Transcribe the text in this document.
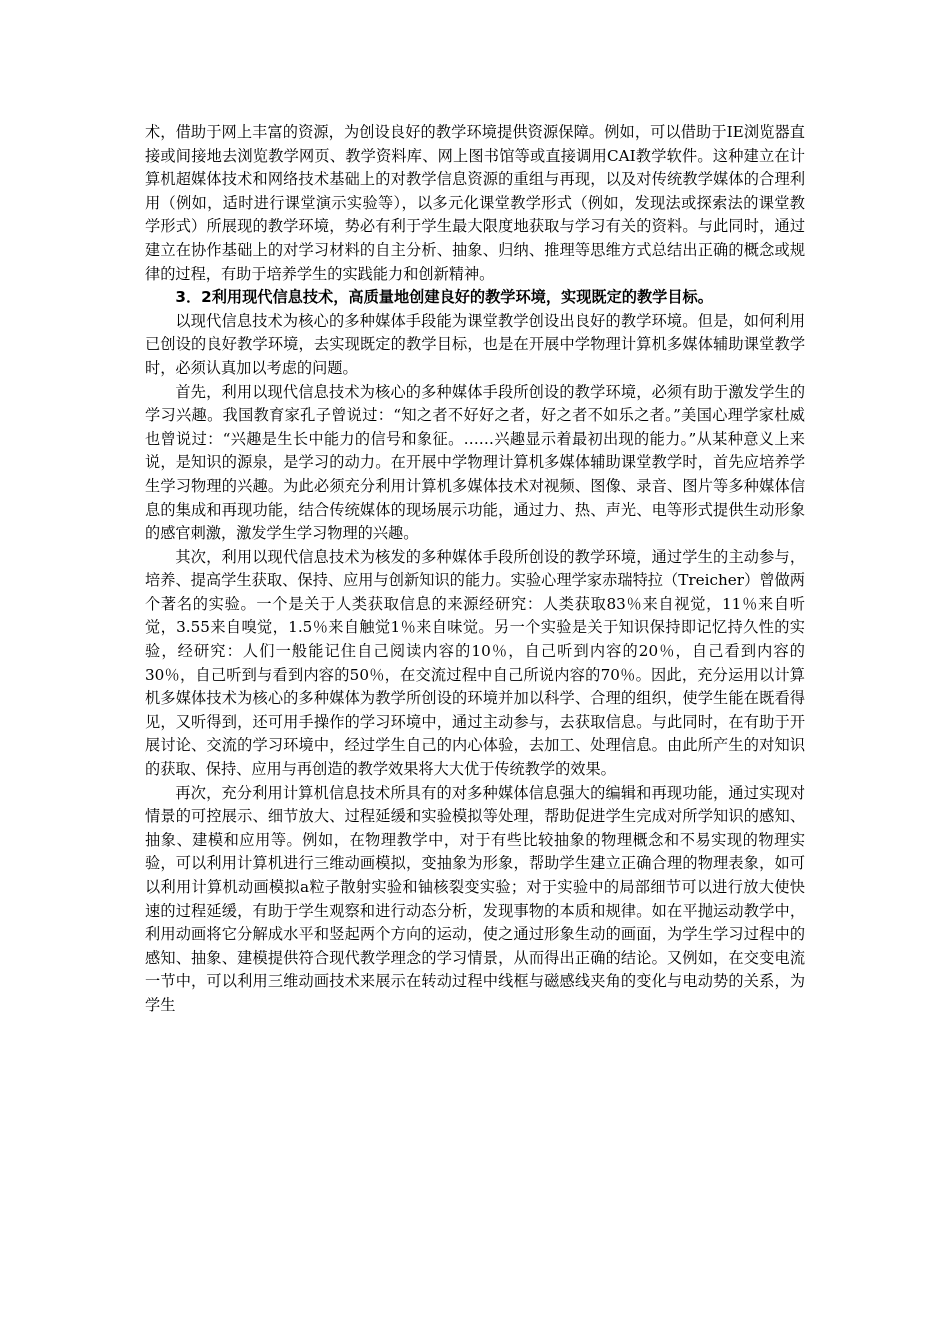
术，借助于网上丰富的资源，为创设良好的教学环境提供资源保障。例如，可以借助于IE浏览器直接或间接地去浏览教学网页、教学资料库、网上图书馆等或直接调用CAI教学软件。这种建立在计算机超媒体技术和网络技术基础上的对教学信息资源的重组与再现，以及对传统教学媒体的合理利用（例如，适时进行课堂演示实验等），以多元化课堂教学形式（例如，发现法或探索法的课堂教学形式）所展现的教学环境，势必有利于学生最大限度地获取与学习有关的资料。与此同时，通过建立在协作基础上的对学习材料的自主分析、抽象、归纳、推理等思维方式总结出正确的概念或规律的过程，有助于培养学生的实践能力和创新精神。

3．2利用现代信息技术，高质量地创建良好的教学环境，实现既定的教学目标。

以现代信息技术为核心的多种媒体手段能为课堂教学创设出良好的教学环境。但是，如何利用已创设的良好教学环境，去实现既定的教学目标，也是在开展中学物理计算机多媒体辅助课堂教学时，必须认真加以考虑的问题。

首先，利用以现代信息技术为核心的多种媒体手段所创设的教学环境，必须有助于激发学生的学习兴趣。我国教育家孔子曾说过：“知之者不好好之者，好之者不如乐之者。”美国心理学家杜威也曾说过：“兴趣是生长中能力的信号和象征。……兴趣显示着最初出现的能力。”从某种意义上来说，是知识的源泉，是学习的动力。在开展中学物理计算机多媒体辅助课堂教学时，首先应培养学生学习物理的兴趣。为此必须充分利用计算机多媒体技术对视频、图像、录音、图片等多种媒体信息的集成和再现功能，结合传统媒体的现场展示功能，通过力、热、声光、电等形式提供生动形象的感官刺激，激发学生学习物理的兴趣。

其次，利用以现代信息技术为核发的多种媒体手段所创设的教学环境，通过学生的主动参与，培养、提高学生获取、保持、应用与创新知识的能力。实验心理学家赤瑞特拉（Treicher）曾做两个著名的实验。一个是关于人类获取信息的来源经研究：人类获取83％来自视觉，11％来自听觉，3.55来自嗅觉，1.5％来自触觉1％来自味觉。另一个实验是关于知识保持即记忆持久性的实验，经研究：人们一般能记住自己阅读内容的10％，自己听到内容的20％，自己看到内容的30％，自己听到与看到内容的50％，在交流过程中自己所说内容的70％。因此，充分运用以计算机多媒体技术为核心的多种媒体为教学所创设的环境并加以科学、合理的组织，使学生能在既看得见，又听得到，还可用手操作的学习环境中，通过主动参与，去获取信息。与此同时，在有助于开展讨论、交流的学习环境中，经过学生自己的内心体验，去加工、处理信息。由此所产生的对知识的获取、保持、应用与再创造的教学效果将大大优于传统教学的效果。

再次，充分利用计算机信息技术所具有的对多种媒体信息强大的编辑和再现功能，通过实现对情景的可控展示、细节放大、过程延缓和实验模拟等处理，帮助促进学生完成对所学知识的感知、抽象、建模和应用等。例如，在物理教学中，对于有些比较抽象的物理概念和不易实现的物理实验，可以利用计算机进行三维动画模拟，变抽象为形象，帮助学生建立正确合理的物理表象，如可以利用计算机动画模拟a粒子散射实验和铀核裂变实验；对于实验中的局部细节可以进行放大使快速的过程延缓，有助于学生观察和进行动态分析，发现事物的本质和规律。如在平抛运动教学中，利用动画将它分解成水平和竖起两个方向的运动，使之通过形象生动的画面，为学生学习过程中的感知、抽象、建模提供符合现代教学理念的学习情景，从而得出正确的结论。又例如，在交变电流一节中，可以利用三维动画技术来展示在转动过程中线框与磁感线夹角的变化与电动势的关系，为学生
